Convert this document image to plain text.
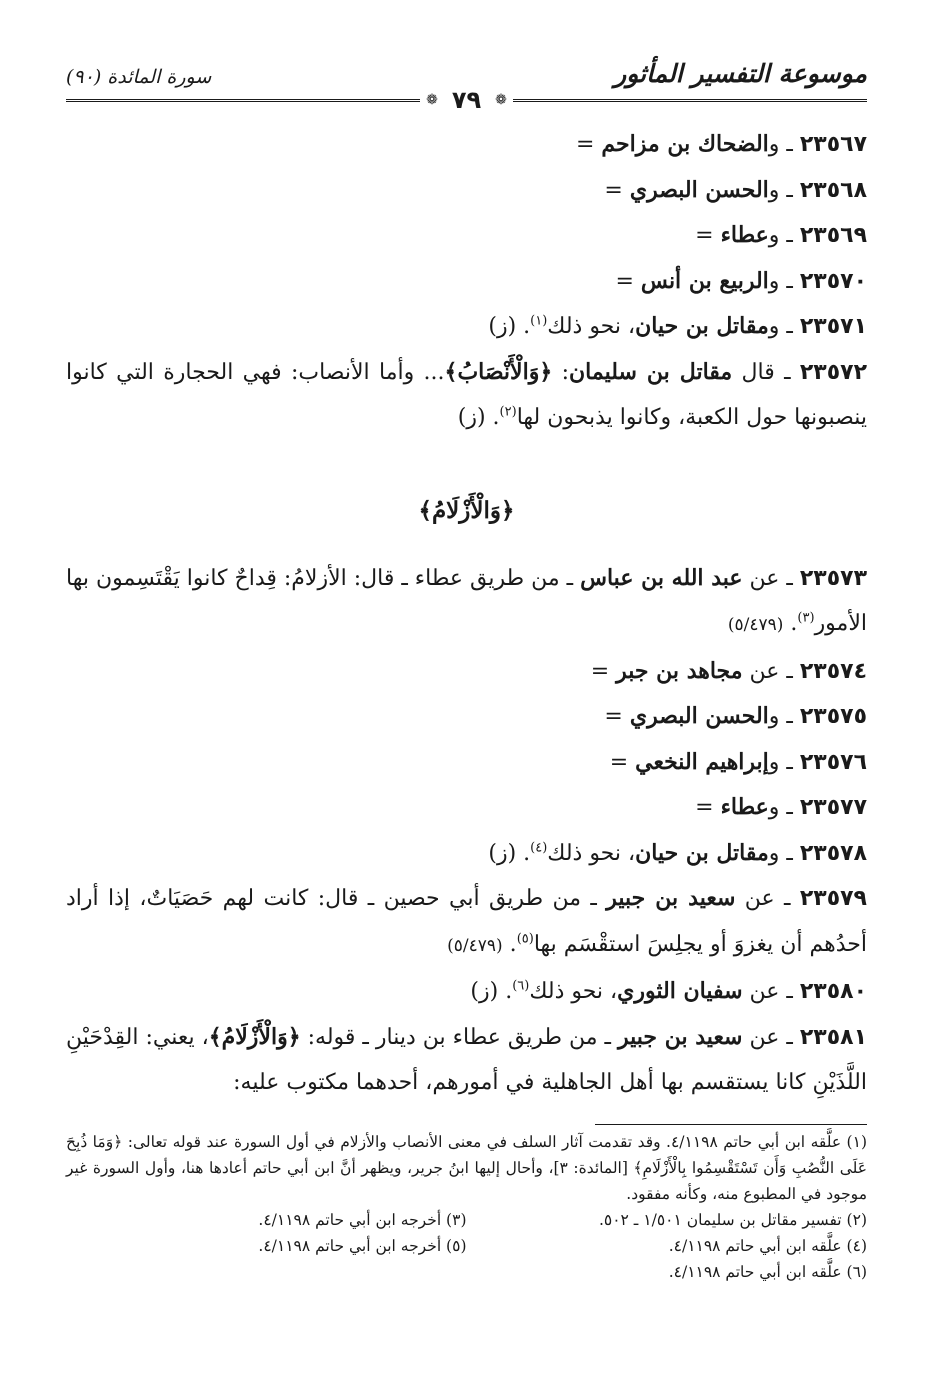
موسوعة التفسير المأثور
سورة المائدة (٩٠)
❁ ٧٩	❁

٢٣٥٦٧ ـ والضحاك بن مزاحم =

٢٣٥٦٨ ـ والحسن البصري =

٢٣٥٦٩ ـ وعطاء =

٢٣٥٧٠ ـ والربيع بن أنس =

٢٣٥٧١ ـ ومقاتل بن حيان، نحو ذلك$^{(١)}$. (ز)

٢٣٥٧٢ ـ قال مقاتل بن سليمان: ﴿وَالْأَنْصَابُ﴾... وأما الأنصاب: فهي الحجارة التي كانوا ينصبونها حول الكعبة، وكانوا يذبحون لها$^{(٢)}$. (ز)

﴿وَالْأَزْلَامُ﴾

٢٣٥٧٣ ـ عن عبد الله بن عباس ـ من طريق عطاء ـ قال: الأزلامُ: قِداحٌ كانوا يَقْتَسِمون بها الأمور$^{(٣)}$. (٥/٤٧٩)

٢٣٥٧٤ ـ عن مجاهد بن جبر =

٢٣٥٧٥ ـ والحسن البصري =

٢٣٥٧٦ ـ وإبراهيم النخعي =

٢٣٥٧٧ ـ وعطاء =

٢٣٥٧٨ ـ ومقاتل بن حيان، نحو ذلك$^{(٤)}$. (ز)

٢٣٥٧٩ ـ عن سعيد بن جبير ـ من طريق أبي حصين ـ قال: كانت لهم حَصَيَاتٌ، إذا أراد أحدُهم أن يغزوَ أو يجلِسَ استقْسَم بها$^{(٥)}$. (٥/٤٧٩)

٢٣٥٨٠ ـ عن سفيان الثوري، نحو ذلك$^{(٦)}$. (ز)

٢٣٥٨١ ـ عن سعيد بن جبير ـ من طريق عطاء بن دينار ـ قوله: ﴿وَالْأَزْلَامُ﴾، يعني: القِدْحَيْنِ اللَّذَيْنِ كانا يستقسم بها أهل الجاهلية في أمورهم، أحدهما مكتوب عليه:

(١) علَّقه ابن أبي حاتم ٤/١١٩٨. وقد تقدمت آثار السلف في معنى الأنصاب والأزلام في أول السورة عند قوله تعالى: ﴿وَمَا ذُبِحَ عَلَى النُّصُبِ وَأَن تَسْتَقْسِمُوا بِالْأَزْلَامِ﴾ [المائدة: ٣]، وأحال إليها ابنُ جرير، ويظهر أنَّ ابن أبي حاتم أعادها هنا، وأول السورة غير موجود في المطبوع منه، وكأنه مفقود.

(٢) تفسير مقاتل بن سليمان ١/٥٠١ ـ ٥٠٢.
(٣) أخرجه ابن أبي حاتم ٤/١١٩٨.
(٤) علَّقه ابن أبي حاتم ٤/١١٩٨.
(٥) أخرجه ابن أبي حاتم ٤/١١٩٨.

(٦) علَّقه ابن أبي حاتم ٤/١١٩٨.
